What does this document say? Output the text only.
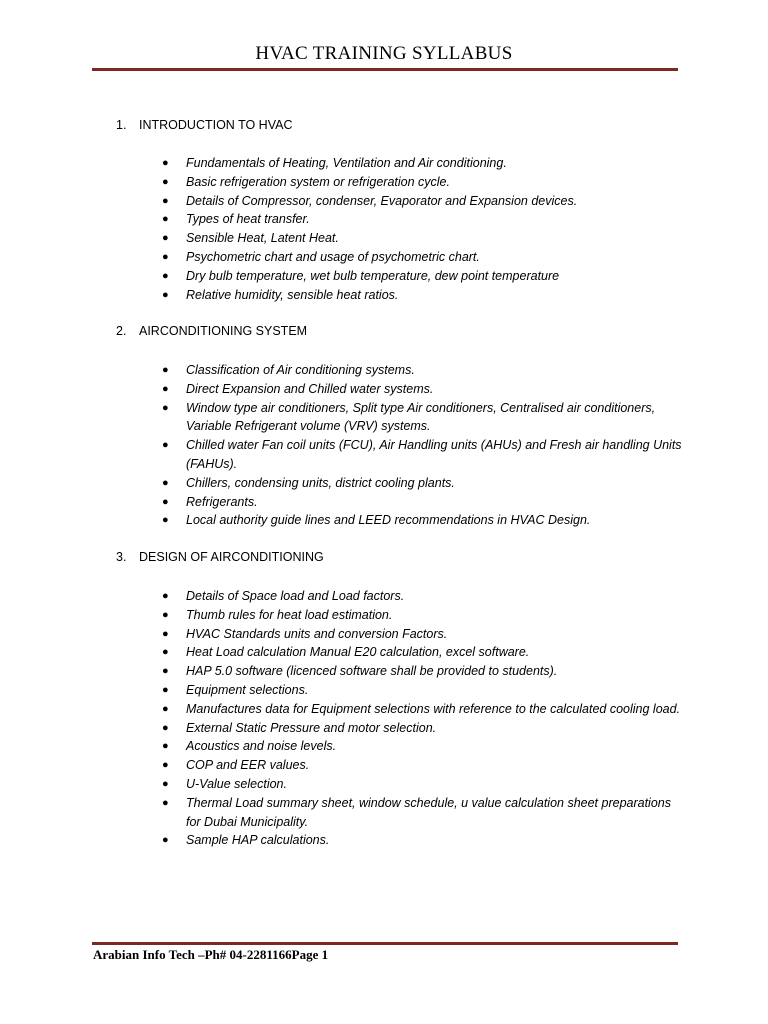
HVAC TRAINING SYLLABUS
1. INTRODUCTION TO HVAC
● Fundamentals of Heating, Ventilation and Air conditioning.
● Basic refrigeration system or refrigeration cycle.
● Details of Compressor, condenser, Evaporator and Expansion devices.
● Types of heat transfer.
● Sensible Heat, Latent Heat.
● Psychometric chart and usage of psychometric chart.
● Dry bulb temperature, wet bulb temperature, dew point temperature
● Relative humidity, sensible heat ratios.
2. AIRCONDITIONING SYSTEM
● Classification of Air conditioning systems.
● Direct Expansion and Chilled water systems.
● Window type air conditioners, Split type Air conditioners, Centralised air conditioners, Variable Refrigerant volume (VRV) systems.
● Chilled water Fan coil units (FCU), Air Handling units (AHUs) and Fresh air handling Units (FAHUs).
● Chillers, condensing units, district cooling plants.
● Refrigerants.
● Local authority guide lines and LEED recommendations in HVAC Design.
3. DESIGN OF AIRCONDITIONING
● Details of Space load and Load factors.
● Thumb rules for heat load estimation.
● HVAC Standards units and conversion Factors.
● Heat Load calculation Manual E20 calculation, excel software.
● HAP 5.0 software (licenced software shall be provided to students).
● Equipment selections.
● Manufactures data for Equipment selections with reference to the calculated cooling load.
● External Static Pressure and motor selection.
● Acoustics and noise levels.
● COP and EER values.
● U-Value selection.
● Thermal Load summary sheet, window schedule, u value calculation sheet preparations for Dubai Municipality.
● Sample HAP calculations.
Arabian Info Tech –Ph# 04-2281166Page 1
